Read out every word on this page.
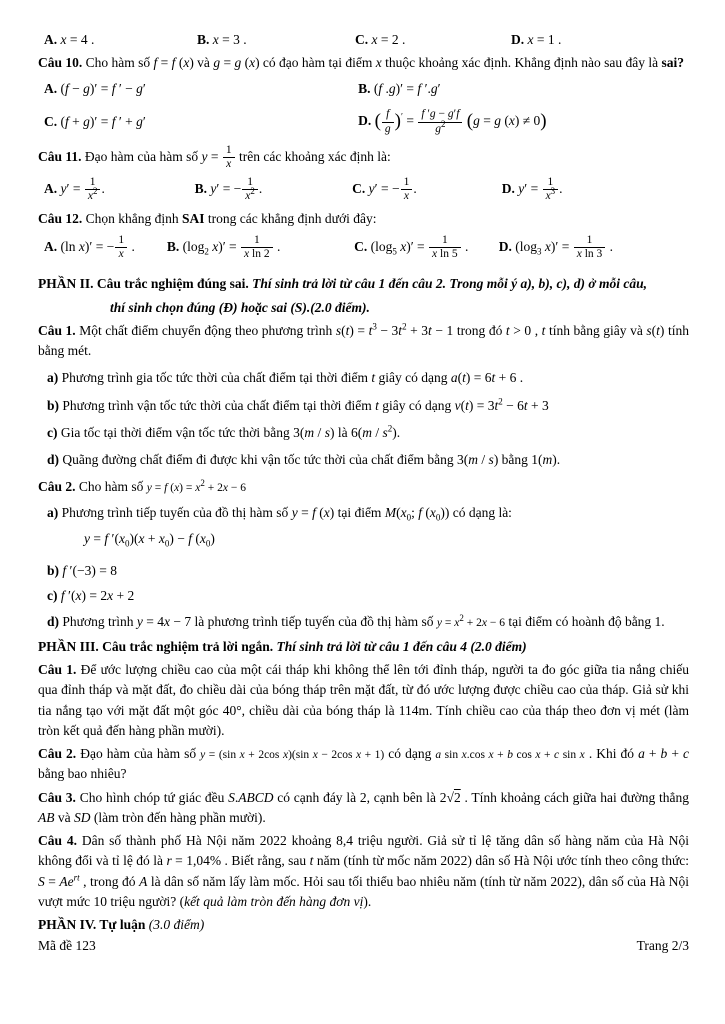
A. x = 4 .	B. x = 3 .	C. x = 2 .	D. x = 1 .

Câu 10. Cho hàm số f = f (x) và g = g (x) có đạo hàm tại điểm x thuộc khoảng xác định. Khẳng định nào sau đây là sai?

A. (f − g)′ = f ′ − g′	B. (f .g)′ = f ′.g′
C. (f + g)′ = f ′ + g′	D. ( $\frac{f}{g} )' = \frac{f 'g - g'f}{g^2} (g = g$ (x) ≠ 0)

Câu 11. Đạo hàm của hàm số $y = \frac{1}{x}$ trên các khoảng xác định là:

A. $y' = \frac{1}{x^2}$ .	B. y′ = − $\frac{1}{x^2}$ .	C. y′ = − $\frac{1}{x}$ .	D. $y' = \frac{1}{x^3}$ .

Câu 12. Chọn khẳng định SAI trong các khẳng định dưới đây:

A. (ln x)′ = − $\frac{1}{x}$ .	B. ($\log_2$ $x)' = \frac{1}{\text{x ln 2}}$ .	C. ($\log_5$ $x)' = \frac{1}{\text{x ln 5}}$ .	D. ($\log_3$ $x)' = \frac{1}{\text{x ln 3}}$ .

PHẦN II. Câu trắc nghiệm đúng sai. Thí sinh trả lời từ câu 1 đến câu 2. Trong mỗi ý a), b), c), d) ở mỗi câu,

thí sinh chọn đúng (Đ) hoặc sai (S).(2.0 điểm).

Câu 1. Một chất điểm chuyển động theo phương trình $s(t) = t^3 - 3t^2 + 3t - 1$ trong đó t > 0 , t tính bằng giây và s(t) tính bằng mét.

a) Phương trình gia tốc tức thời của chất điểm tại thời điểm t giây có dạng a(t) = 6t + 6 .

b) Phương trình vận tốc tức thời của chất điểm tại thời điểm t giây có dạng $v(t) = 3t^2 - 6t + 3$

c) Gia tốc tại thời điểm vận tốc tức thời bằng 3(m / s) là $6(m / s^2)$.

d) Quãng đường chất điểm đi được khi vận tốc tức thời của chất điểm bằng 3(m / s) bằng 1(m).

Câu 2. Cho hàm số y = f $(x) = x^2 + 2x - 6$

a) Phương trình tiếp tuyến của đồ thị hàm số y = f (x) tại điểm $M(x_0$; f $(x_0)$) có dạng là:

y = f $'(x_0)(x + x_0) - f$ $(x_0)$

b) f ′(−3) = 8

c) f ′(x) = 2x + 2

d) Phương trình y = 4x − 7 là phương trình tiếp tuyến của đồ thị hàm số $y = x^2 + 2x - 6$ tại điểm có hoành độ bằng 1.

PHẦN III. Câu trắc nghiệm trả lời ngắn. Thí sinh trả lời từ câu 1 đến câu 4 (2.0 điểm)

Câu 1. Để ước lượng chiều cao của một cái tháp khi không thể lên tới đỉnh tháp, người ta đo góc giữa tia nắng chiếu qua đỉnh tháp và mặt đất, đo chiều dài của bóng tháp trên mặt đất, từ đó ước lượng được chiều cao của tháp. Giả sử khi tia nắng tạo với mặt đất một góc 40°, chiều dài của bóng tháp là 114m. Tính chiều cao của tháp theo đơn vị mét (làm tròn kết quả đến hàng phần mười).

Câu 2. Đạo hàm của hàm số y = (sin x + 2cos x)(sin x − 2cos x + 1) có dạng a sin x.cos x + b cos x + c sin x . Khi đó a + b + c bằng bao nhiêu?

Câu 3. Cho hình chóp tứ giác đều S.ABCD có cạnh đáy là 2, cạnh bên là 2√2 . Tính khoảng cách giữa hai đường thẳng AB và SD (làm tròn đến hàng phần mười).

Câu 4. Dân số thành phố Hà Nội năm 2022 khoảng 8,4 triệu người. Giả sử tỉ lệ tăng dân số hàng năm của Hà Nội không đổi và tỉ lệ đó là r = 1,04% . Biết rằng, sau t năm (tính từ mốc năm 2022) dân số Hà Nội ước tính theo công thức: $S = Ae^{rt}$ , trong đó A là dân số năm lấy làm mốc. Hỏi sau tối thiểu bao nhiêu năm (tính từ năm 2022), dân số của Hà Nội vượt mức 10 triệu người? (kết quả làm tròn đến hàng đơn vị).

PHẦN IV. Tự luận (3.0 điểm)

Mã đề 123	Trang 2/3
